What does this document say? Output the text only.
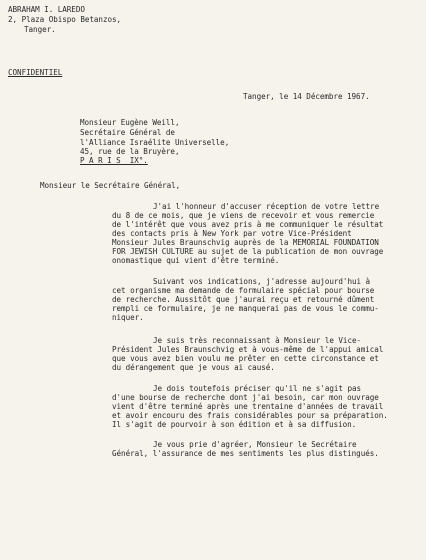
ABRAHAM I. LAREDO
2, Plaza Obispo Betanzos,
Tanger.
CONFIDENTIEL
Tanger, le 14 Décembre 1967.
Monsieur Eugène Weill,
Secrétaire Général de
l'Alliance Israélite Universelle,
45, rue de la Bruyère,
P A R I S  IX°.
Monsieur le Secrétaire Général,
J'ai l'honneur d'accuser réception de votre lettre
du 8 de ce mois, que je viens de recevoir et vous remercie
de l'intérêt que vous avez pris à me communiquer le résultat
des contacts pris à New York par votre Vice-Président
Monsieur Jules Braunschvig auprès de la MEMORIAL FOUNDATION
FOR JEWISH CULTURE au sujet de la publication de mon ouvrage
onomastique qui vient d'être terminé.
Suivant vos indications, j'adresse aujourd'hui à
cet organisme ma demande de formulaire spécial pour bourse
de recherche. Aussitôt que j'aurai reçu et retourné dûment
rempli ce formulaire, je ne manquerai pas de vous le commu-
niquer.
Je suis très reconnaissant à Monsieur le Vice-
Président Jules Braunschvig et à vous-même de l'appui amical
que vous avez bien voulu me prêter en cette circonstance et
du dérangement que je vous ai causé.
Je dois toutefois préciser qu'il ne s'agit pas
d'une bourse de recherche dont j'ai besoin, car mon ouvrage
vient d'être terminé après une trentaine d'années de travail
et avoir encouru des frais considérables pour sa préparation.
Il s'agit de pourvoir à son édition et à sa diffusion.
Je vous prie d'agréer, Monsieur le Secrétaire
Général, l'assurance de mes sentiments les plus distingués.
